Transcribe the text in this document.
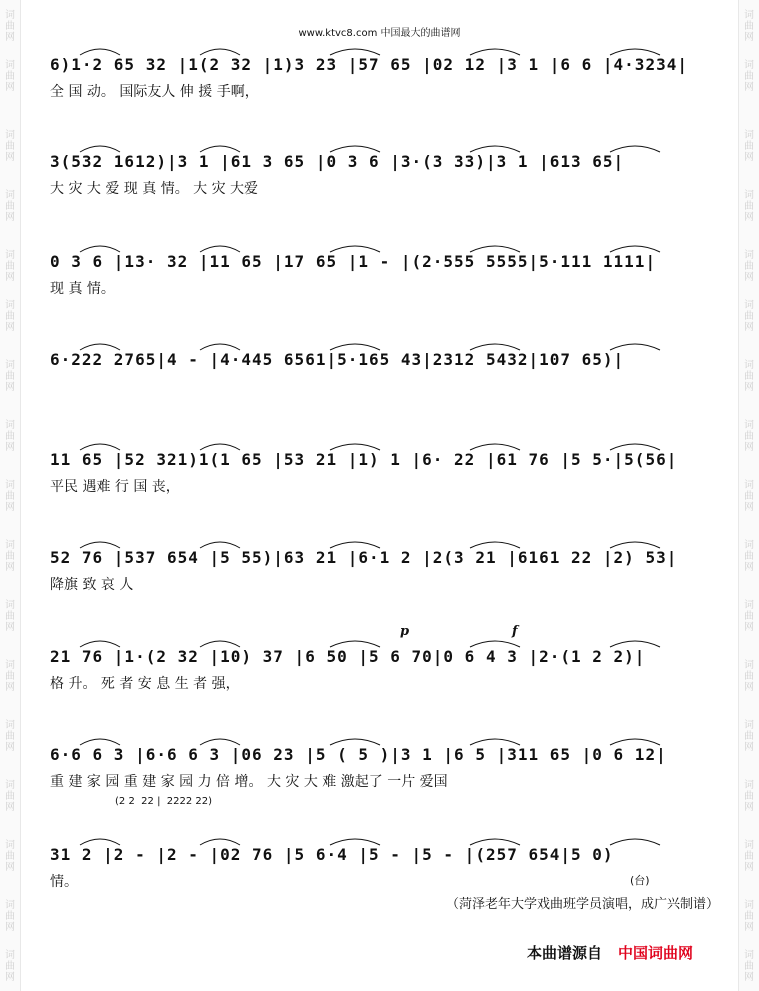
www.ktvc8.com 中国最大的曲谱网
6)1·2 65 32 |1(2 32 |1)3 23 |57 65 |02 12 |3 1 |6 6 |4·3234|
全 国 动。 国际友人 伸 援 手啊，
3(532 1612)|3 1 |61 3 65 |0 3 6 |3·(3 33)|3 1 |613 65|
大 灾 大 爱 现 真 情。 大 灾 大爱
0 3 6 |13· 32 |11 65 |17 65 |1 - |(2·555 5555|5·111 1111|
现 真 情。
6·222 2765|4 - |4·445 6561|5·165 43|2312 5432|107 65)|
11 65 |52 321)1(1 65 |53 21 |1) 1 |6· 22 |61 76 |5 5·|5(56|
平民 遇难 行 国 丧，
52 76 |537 654 |5 55)|63 21 |6·1 2 |2(3 21 |6161 22 |2) 53|
降旗 致 哀 人
21 76 |1·(2 32 |10) 37 |6 50 |5 6 70|0 6 4 3 |2·(1 2 2)|
格 升。 死 者 安 息 生 者 强，
6·6 6 3 |6·6 6 3 |06 23 |5 ( 5 )|3 1 |6 5 |311 65 |0 6 12|
重 建 家 园 重 建 家 园 力 倍 增。 大 灾 大 难 激起了 一片 爱国
31 2 |2 - |2 - |02 76 |5 6·4 |5 - |5 - |(257 654|5 0)
情。
p	f
(2 2  22 |  2222 22)
(台)
（菏泽老年大学戏曲班学员演唱，成广兴制谱）
本曲谱源自 中国词曲网
词
曲
网
词
曲
网
词
曲
网
词
曲
网
词
曲
网
词
曲
网
词
曲
网
词
曲
网
词
曲
网
词
曲
网
词
曲
网
词
曲
网
词
曲
网
词
曲
网
词
曲
网
词
曲
网
词
曲
网
词
曲
网
词
曲
网
词
曲
网
词
曲
网
词
曲
网
词
曲
网
词
曲
网
词
曲
网
词
曲
网
词
曲
网
词
曲
网
词
曲
网
词
曲
网
词
曲
网
词
曲
网
词
曲
网
词
曲
网
